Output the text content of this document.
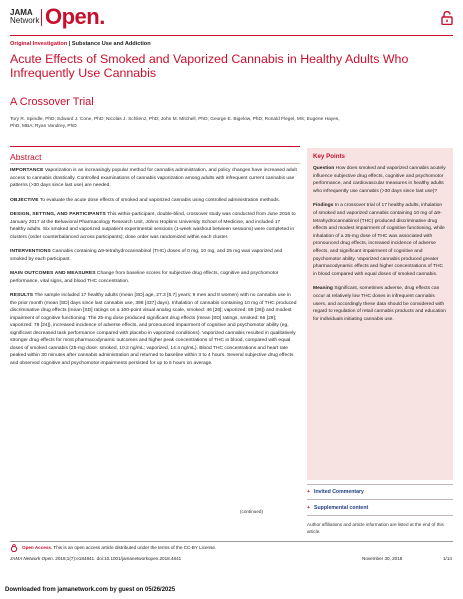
JAMA
Network Open.
Original Investigation | Substance Use and Addiction
Acute Effects of Smoked and Vaporized Cannabis in Healthy Adults Who Infrequently Use Cannabis
A Crossover Trial
Tory R. Spindle, PhD; Edward J. Cone, PhD; Nicolas J. Schlienz, PhD; John M. Mitchell, PhD; George E. Bigelow, PhD; Ronald Flegel, MS; Eugene Hayes, PhD, MBA; Ryan Vandrey, PhD
Abstract

IMPORTANCE Vaporization is an increasingly popular method for cannabis administration, and policy changes have increased adult access to cannabis drastically. Controlled examinations of cannabis vaporization among adults with infrequent current cannabis use patterns (>30 days since last use) are needed.

OBJECTIVE To evaluate the acute dose effects of smoked and vaporized cannabis using controlled administration methods.

DESIGN, SETTING, AND PARTICIPANTS This within-participant, double-blind, crossover study was conducted from June 2016 to January 2017 at the Behavioral Pharmacology Research Unit, Johns Hopkins University School of Medicine, and included 17 healthy adults. Six smoked and vaporized outpatient experimental sessions (1-week washout between sessions) were completed in clusters (order counterbalanced across participants); dose order was randomized within each cluster.

INTERVENTIONS Cannabis containing Δ9-tetrahydrocannabinol (THC) doses of 0 mg, 10 mg, and 25 mg was vaporized and smoked by each participant.

MAIN OUTCOMES AND MEASURES Change from baseline scores for subjective drug effects, cognitive and psychomotor performance, vital signs, and blood THC concentration.

RESULTS The sample included 17 healthy adults (mean [SD] age, 27.3 [5.7] years; 9 men and 8 women) with no cannabis use in the prior month (mean [SD] days since last cannabis use, 398 [437] days). Inhalation of cannabis containing 10 mg of THC produced discriminative drug effects (mean [SD] ratings on a 100-point visual analog scale, smoked: 46 [26]; vaporized: 69 [26]) and modest impairment of cognitive functioning. The 25-mg dose produced significant drug effects (mean [SD] ratings, smoked: 66 [29]; vaporized: 78 [24]), increased incidence of adverse effects, and pronounced impairment of cognitive and psychomotor ability (eg, significant decreased task performance compared with placebo in vaporized conditions). Vaporized cannabis resulted in qualitatively stronger drug effects for most pharmacodynamic outcomes and higher peak concentrations of THC in blood, compared with equal doses of smoked cannabis (25-mg dose: smoked, 10.2 ng/mL; vaporized, 14.4 ng/mL). Blood THC concentrations and heart rate peaked within 30 minutes after cannabis administration and returned to baseline within 3 to 4 hours. Several subjective drug effects and observed cognitive and psychomotor impairments persisted for up to 6 hours on average.

(continued)
Key Points

Question How does smoked and vaporized cannabis acutely influence subjective drug effects, cognitive and psychomotor performance, and cardiovascular measures in healthy adults who infrequently use cannabis (>30 days since last use)?

Findings In a crossover trial of 17 healthy adults, inhalation of smoked and vaporized cannabis containing 10 mg of Δ9-tetrahydrocannabinol (THC) produced discriminative drug effects and modest impairment of cognitive functioning, while inhalation of a 25-mg dose of THC was associated with pronounced drug effects, increased incidence of adverse effects, and significant impairment of cognitive and psychomotor ability. Vaporized cannabis produced greater pharmacodynamic effects and higher concentrations of THC in blood compared with equal doses of smoked cannabis.

Meaning Significant, sometimes adverse, drug effects can occur at relatively low THC doses in infrequent cannabis users, and accordingly these data should be considered with regard to regulation of retail cannabis products and education for individuals initiating cannabis use.

+ Invited Commentary
+ Supplemental content
Author affiliations and article information are listed at the end of this article.
Open Access. This is an open access article distributed under the terms of the CC-BY License.
JAMA Network Open. 2018;1(7):e184841. doi:10.1001/jamanetworkopen.2018.4841	November 30, 2018	1/14
Downloaded from jamanetwork.com by guest on 05/26/2025
